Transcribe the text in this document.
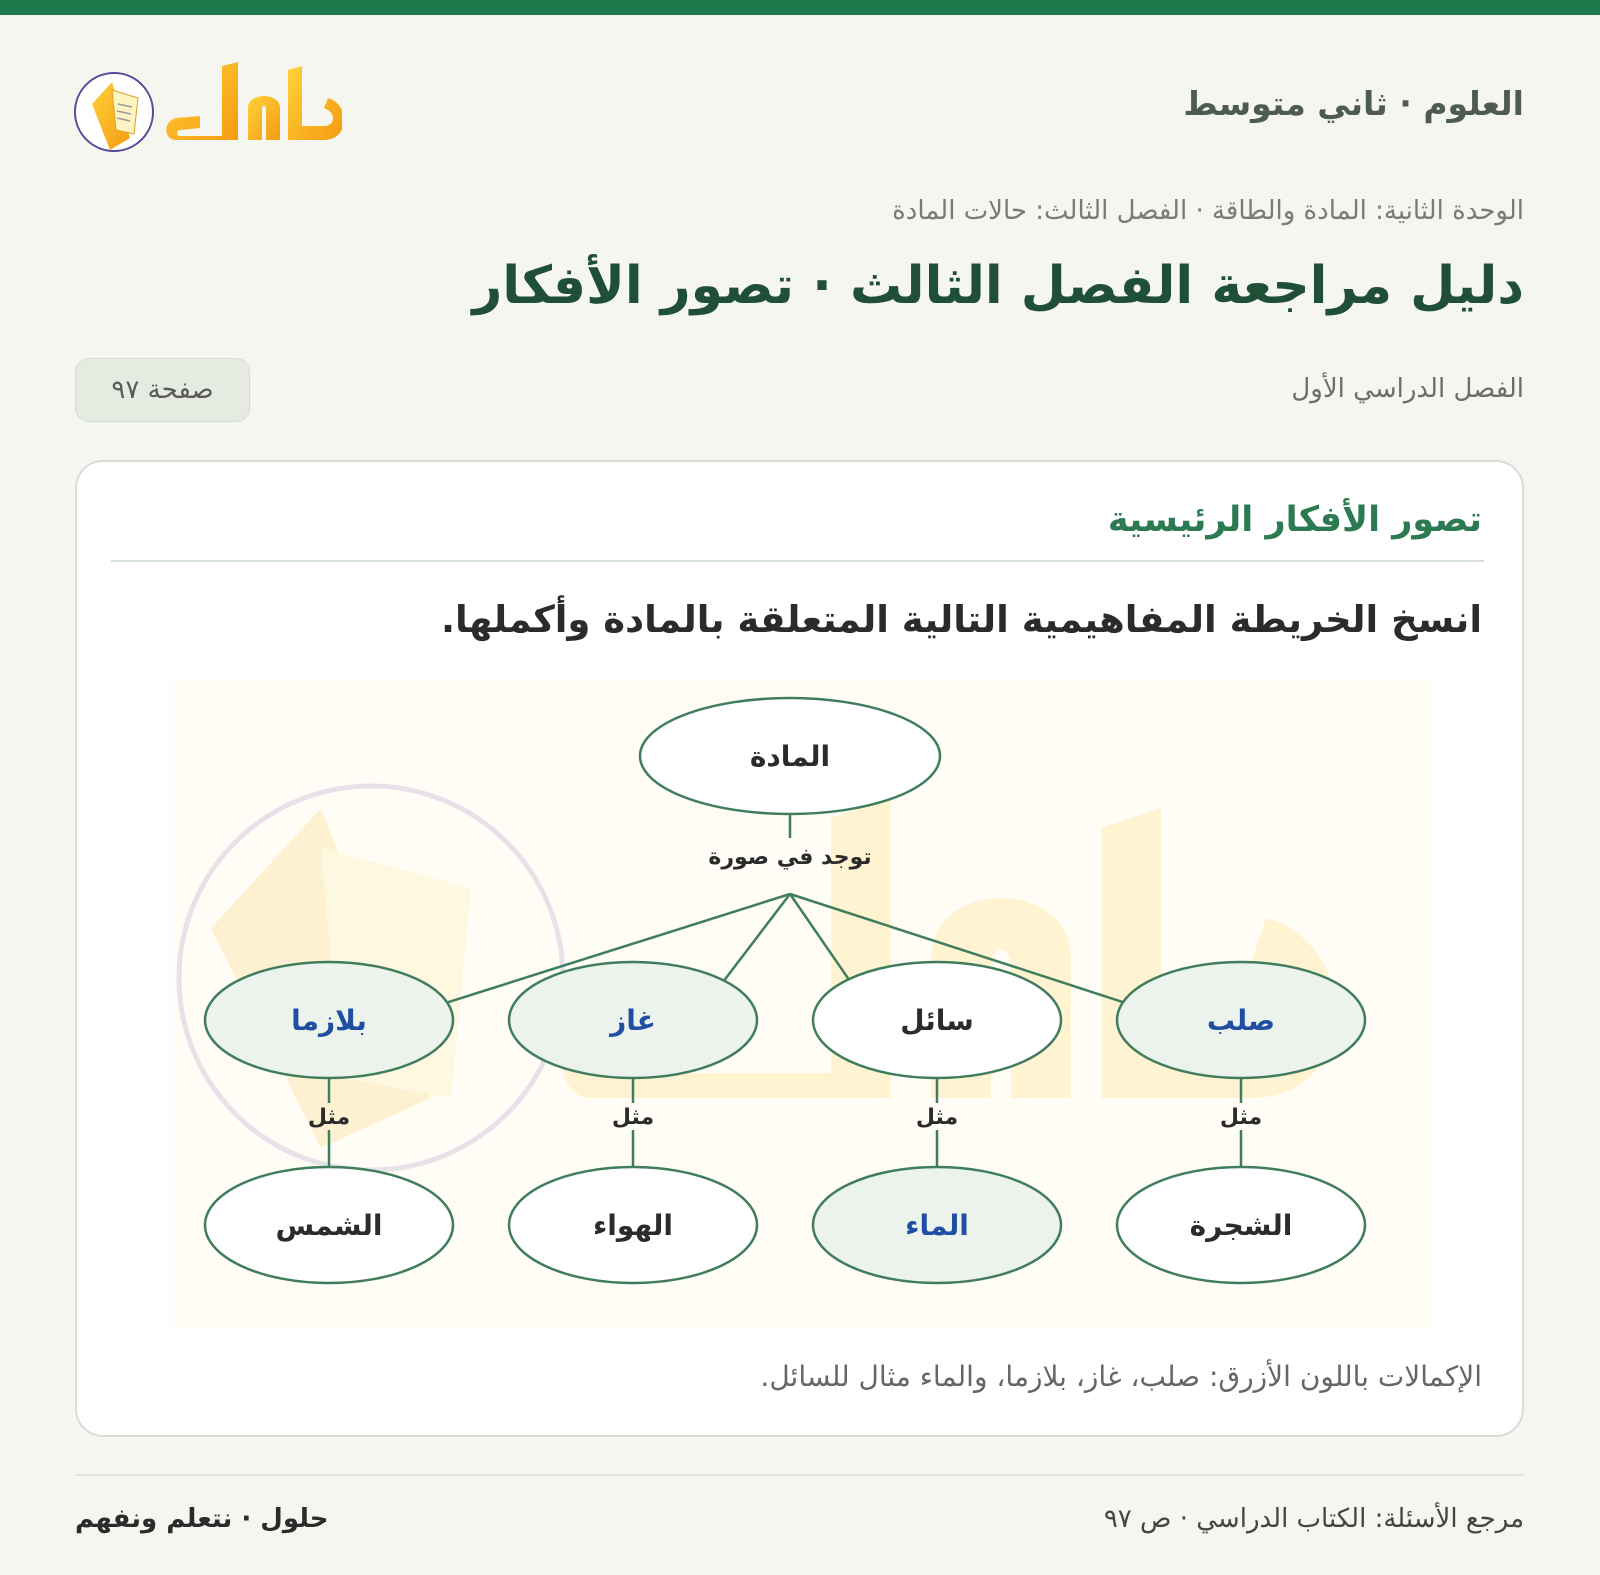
العلوم · ثاني متوسط
الوحدة الثانية: المادة والطاقة · الفصل الثالث: حالات المادة
دليل مراجعة الفصل الثالث · تصور الأفكار
الفصل الدراسي الأول
صفحة ٩٧
تصور الأفكار الرئيسية
انسخ الخريطة المفاهيمية التالية المتعلقة بالمادة وأكملها.
المادة
توجد في صورة
صلب
مثل
الشجرة
سائل
مثل
الماء
غاز
مثل
الهواء
بلازما
مثل
الشمس
الإكمالات باللون الأزرق: صلب، غاز، بلازما، والماء مثال للسائل.
مرجع الأسئلة: الكتاب الدراسي · ص ٩٧
حلول · نتعلم ونفهم
